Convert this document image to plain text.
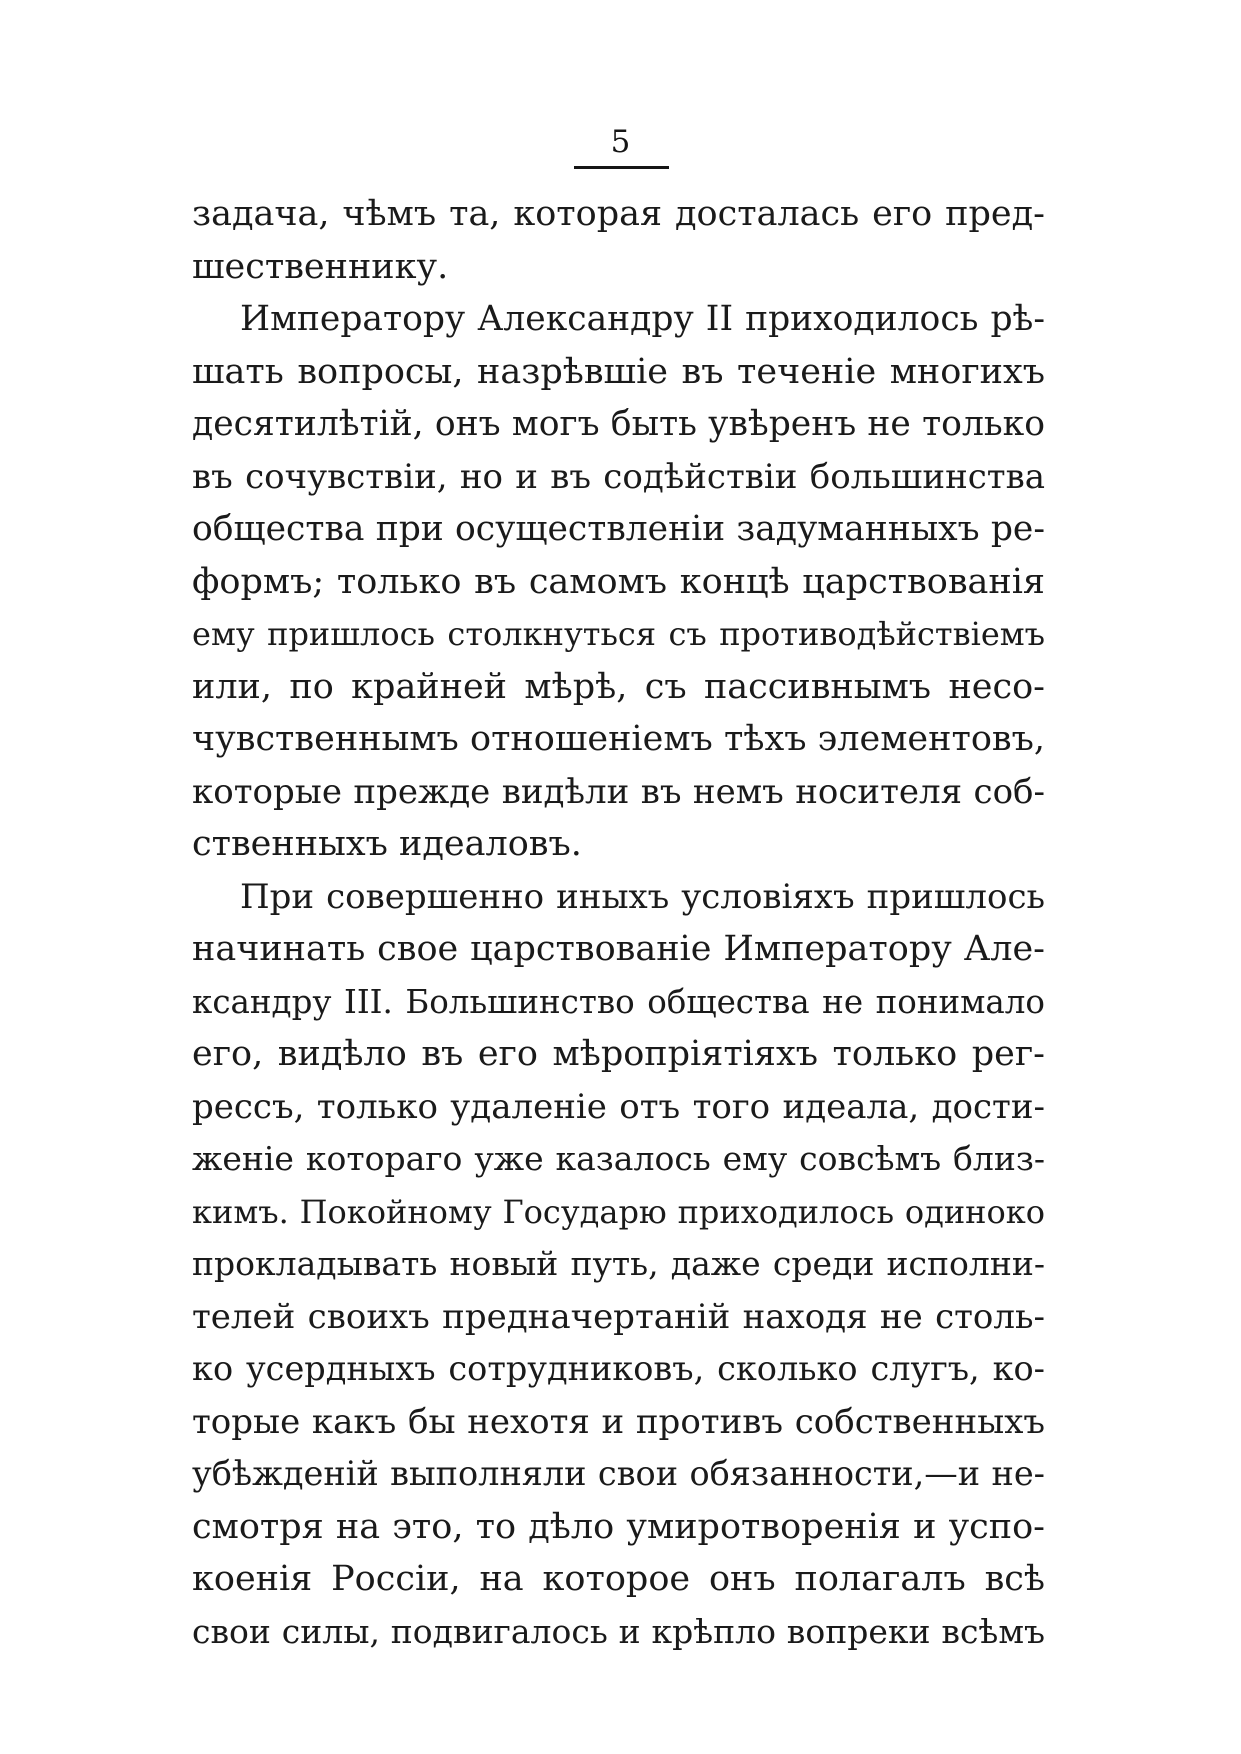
5
задача, чѣмъ та, которая досталась его пред-
шественнику.
Императору Александру II приходилось рѣ-
шать вопросы, назрѣвшіе въ теченіе многихъ
десятилѣтій, онъ могъ быть увѣренъ не только
въ сочувствіи, но и въ содѣйствіи большинства
общества при осуществленіи задуманныхъ ре-
формъ; только въ самомъ концѣ царствованія
ему пришлось столкнуться съ противодѣйствіемъ
или, по крайней мѣрѣ, съ пассивнымъ несо-
чувственнымъ отношеніемъ тѣхъ элементовъ,
которые прежде видѣли въ немъ носителя соб-
ственныхъ идеаловъ.
При совершенно иныхъ условіяхъ пришлось
начинать свое царствованіе Императору Але-
ксандру III. Большинство общества не понимало
его, видѣло въ его мѣропріятіяхъ только рег-
рессъ, только удаленіе отъ того идеала, дости-
женіе котораго уже казалось ему совсѣмъ близ-
кимъ. Покойному Государю приходилось одиноко
прокладывать новый путь, даже среди исполни-
телей своихъ предначертаній находя не столь-
ко усердныхъ сотрудниковъ, сколько слугъ, ко-
торые какъ бы нехотя и противъ собственныхъ
убѣжденій выполняли свои обязанности,—и не-
смотря на это, то дѣло умиротворенія и успо-
коенія Россіи, на которое онъ полагалъ всѣ
свои силы, подвигалось и крѣпло вопреки всѣмъ
